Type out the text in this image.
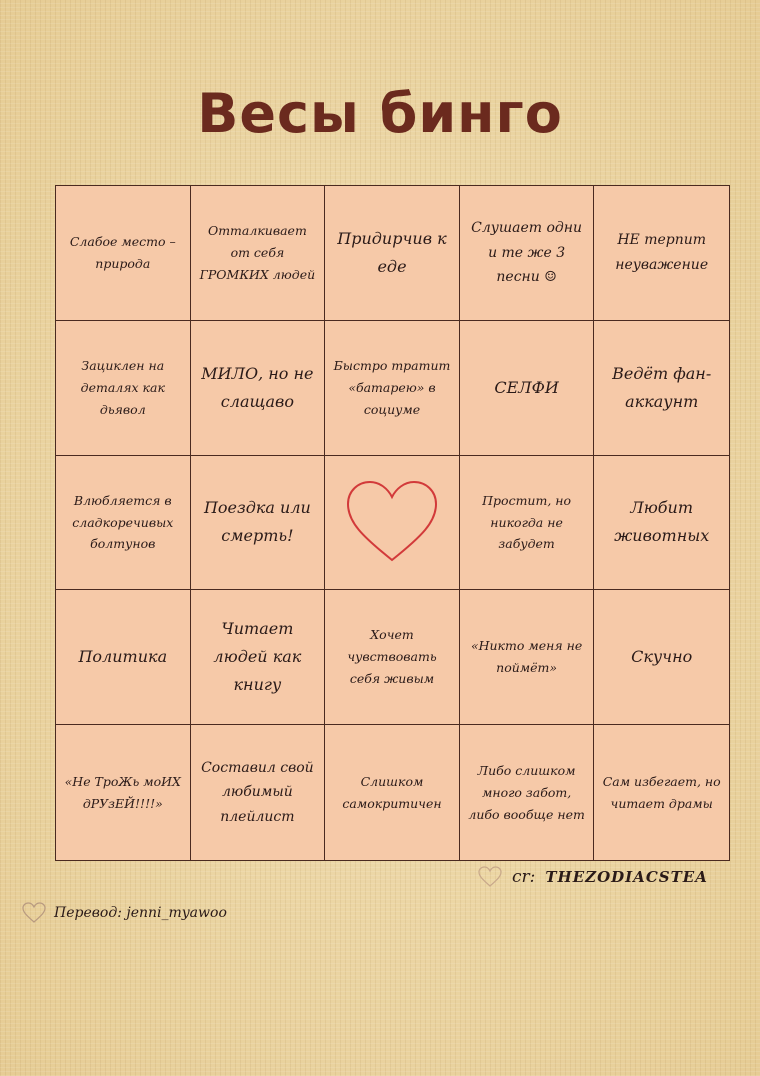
Весы бинго
Слабое место – природа
Отталкивает от себя ГРОМКИХ людей
Придирчив к еде
Слушает одни и те же 3 песни ☺
НЕ терпит неуважение
Зациклен на деталях как дьявол
МИЛО, но не слащаво
Быстро тратит «батарею» в социуме
СЕЛФИ
Ведёт фан-аккаунт
Влюбляется в сладкоречивых болтунов
Поездка или смерть!
Простит, но никогда не забудет
Любит животных
Политика
Читает людей как книгу
Хочет чувствовать себя живым
«Никто меня не поймёт»
Скучно
«Не ТроЖь моИХ дРУзЕЙ!!!!»
Составил свой любимый плейлист
Слишком самокритичен
Либо слишком много забот, либо вообще нет
Сам избегает, но читает драмы
cr: THEZODIACSTEA
Перевод: jenni_myawoo
